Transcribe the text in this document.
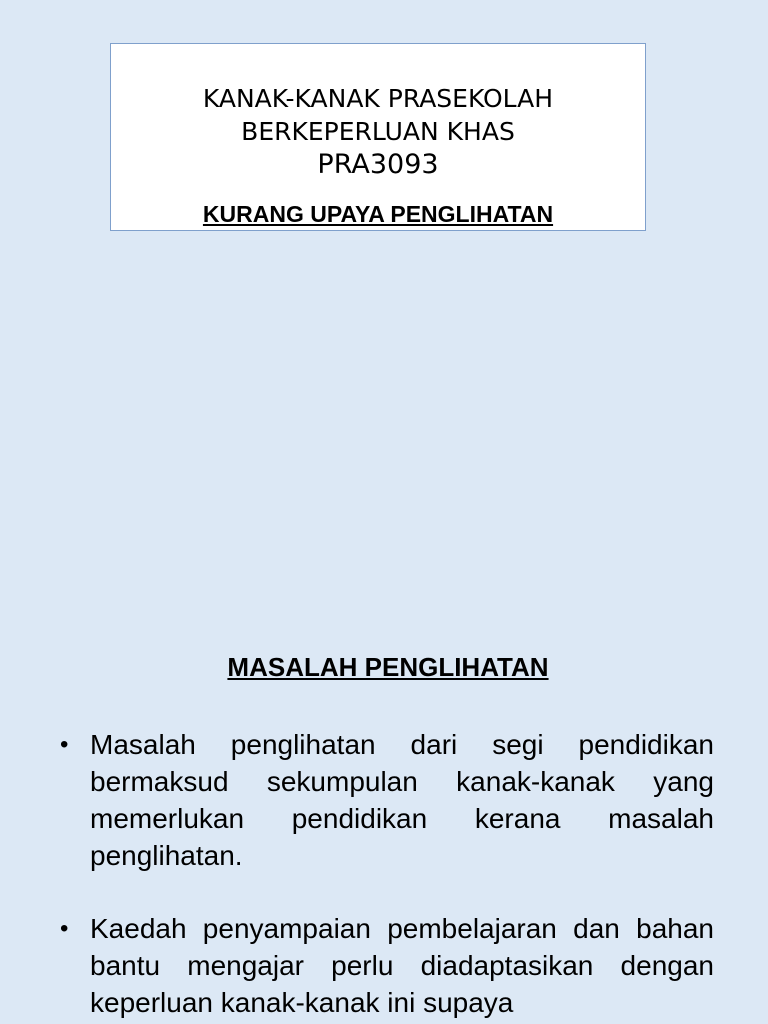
KANAK-KANAK PRASEKOLAH
BERKEPERLUAN KHAS
PRA3093
KURANG UPAYA PENGLIHATAN
MASALAH PENGLIHATAN
• Masalah penglihatan dari segi pendidikan bermaksud sekumpulan kanak-kanak yang memerlukan pendidikan kerana masalah penglihatan.
• Kaedah penyampaian pembelajaran dan bahan bantu mengajar perlu diadaptasikan dengan keperluan kanak-kanak ini supaya
